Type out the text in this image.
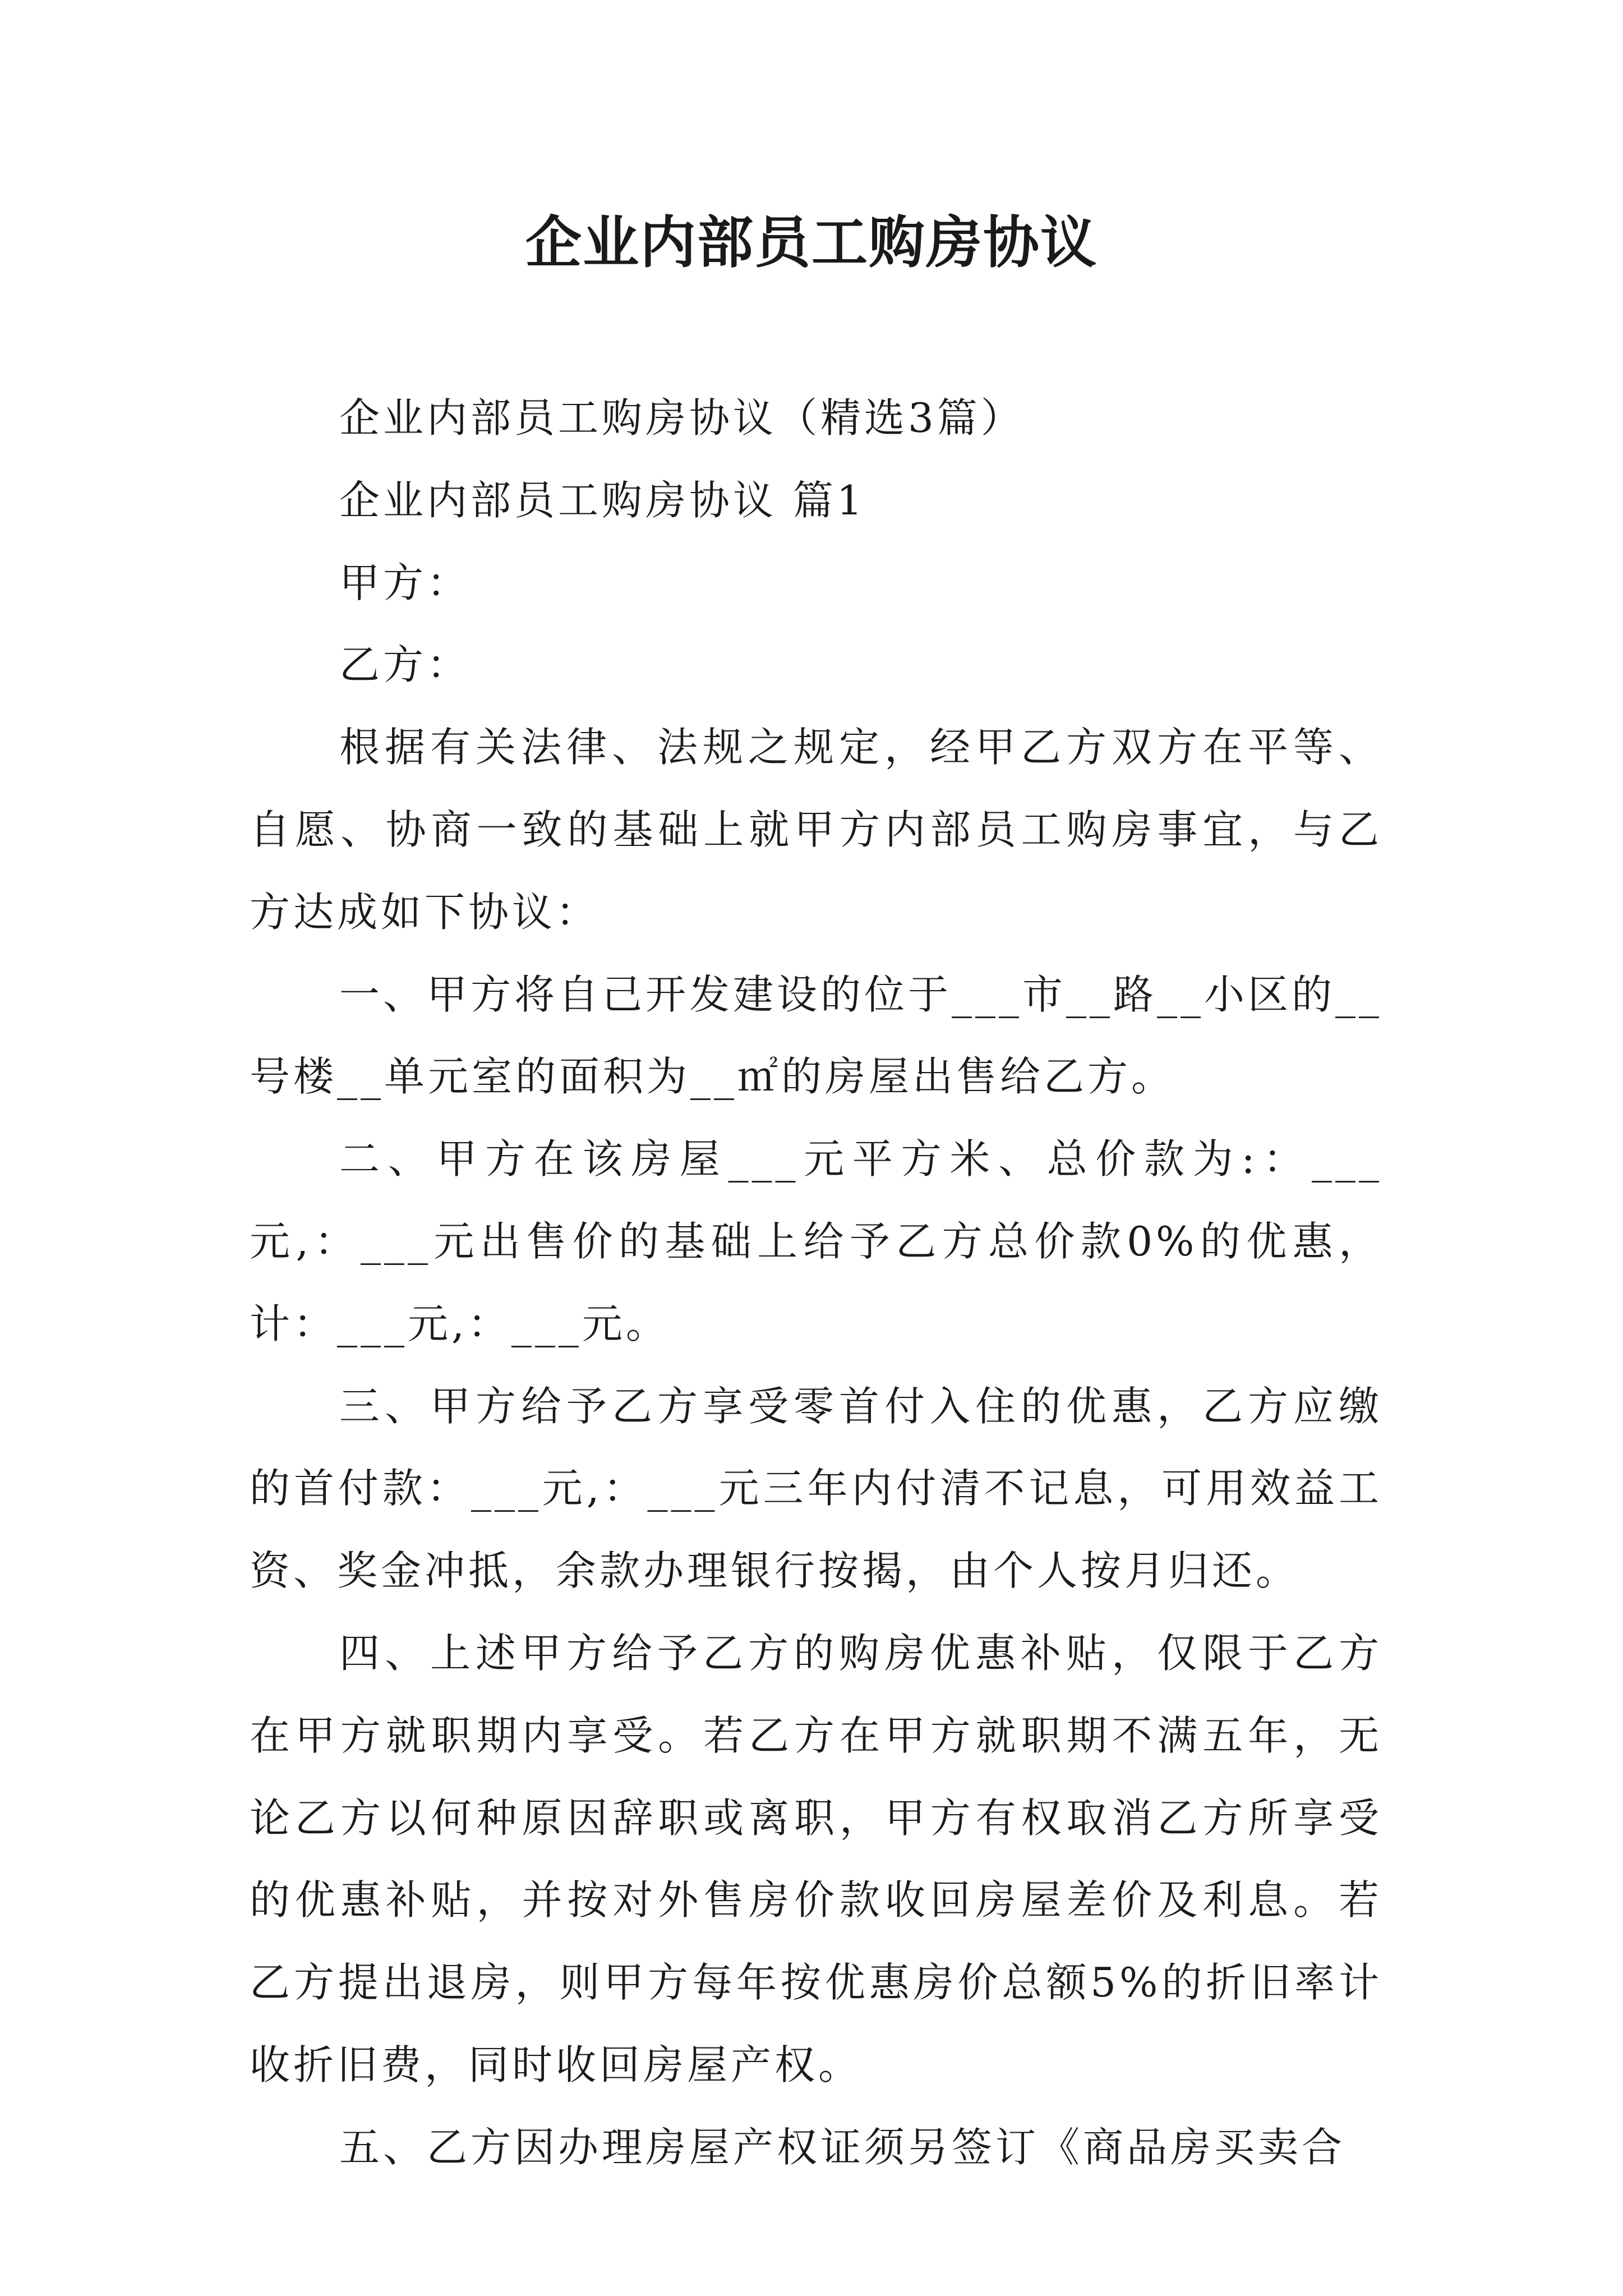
企业内部员工购房协议

企业内部员工购房协议（精选3篇）

企业内部员工购房协议 篇1

甲方：

乙方：

根据有关法律、法规之规定，经甲乙方双方在平等、自愿、协商一致的基础上就甲方内部员工购房事宜，与乙方达成如下协议：

一、甲方将自己开发建设的位于___市__路__小区的__号楼__单元室的面积为__㎡的房屋出售给乙方。

二、甲方在该房屋___元平方米、总价款为:：___元,：___元出售价的基础上给予乙方总价款0%的优惠，计：___元,：___元。

三、甲方给予乙方享受零首付入住的优惠，乙方应缴的首付款：___元,：___元三年内付清不记息，可用效益工资、奖金冲抵，余款办理银行按揭，由个人按月归还。

四、上述甲方给予乙方的购房优惠补贴，仅限于乙方在甲方就职期内享受。若乙方在甲方就职期不满五年，无论乙方以何种原因辞职或离职，甲方有权取消乙方所享受的优惠补贴，并按对外售房价款收回房屋差价及利息。若乙方提出退房，则甲方每年按优惠房价总额5%的折旧率计收折旧费，同时收回房屋产权。

五、乙方因办理房屋产权证须另签订《商品房买卖合
